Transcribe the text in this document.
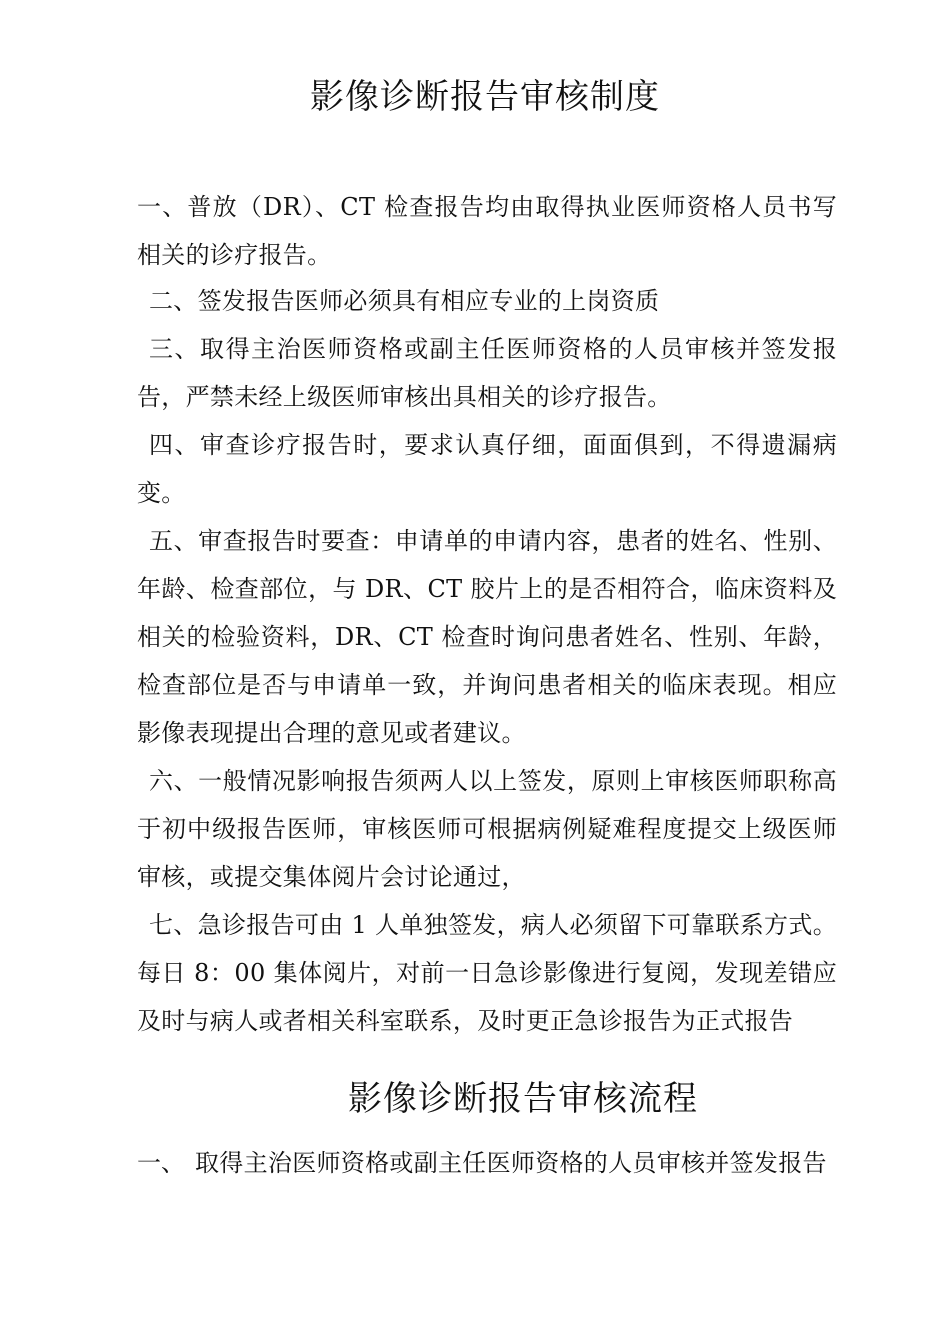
影像诊断报告审核制度
一、普放（DR）、CT 检查报告均由取得执业医师资格人员书写相关的诊疗报告。
二、签发报告医师必须具有相应专业的上岗资质
三、取得主治医师资格或副主任医师资格的人员审核并签发报告，严禁未经上级医师审核出具相关的诊疗报告。
四、审查诊疗报告时，要求认真仔细，面面俱到，不得遗漏病变。
五、审查报告时要查：申请单的申请内容，患者的姓名、性别、年龄、检查部位，与 DR、CT 胶片上的是否相符合，临床资料及相关的检验资料，DR、CT 检查时询问患者姓名、性别、年龄，检查部位是否与申请单一致，并询问患者相关的临床表现。相应影像表现提出合理的意见或者建议。
六、一般情况影响报告须两人以上签发，原则上审核医师职称高于初中级报告医师，审核医师可根据病例疑难程度提交上级医师审核，或提交集体阅片会讨论通过，
七、急诊报告可由 1 人单独签发，病人必须留下可靠联系方式。每日 8：00 集体阅片，对前一日急诊影像进行复阅，发现差错应及时与病人或者相关科室联系，及时更正急诊报告为正式报告
影像诊断报告审核流程
一、 取得主治医师资格或副主任医师资格的人员审核并签发报告
